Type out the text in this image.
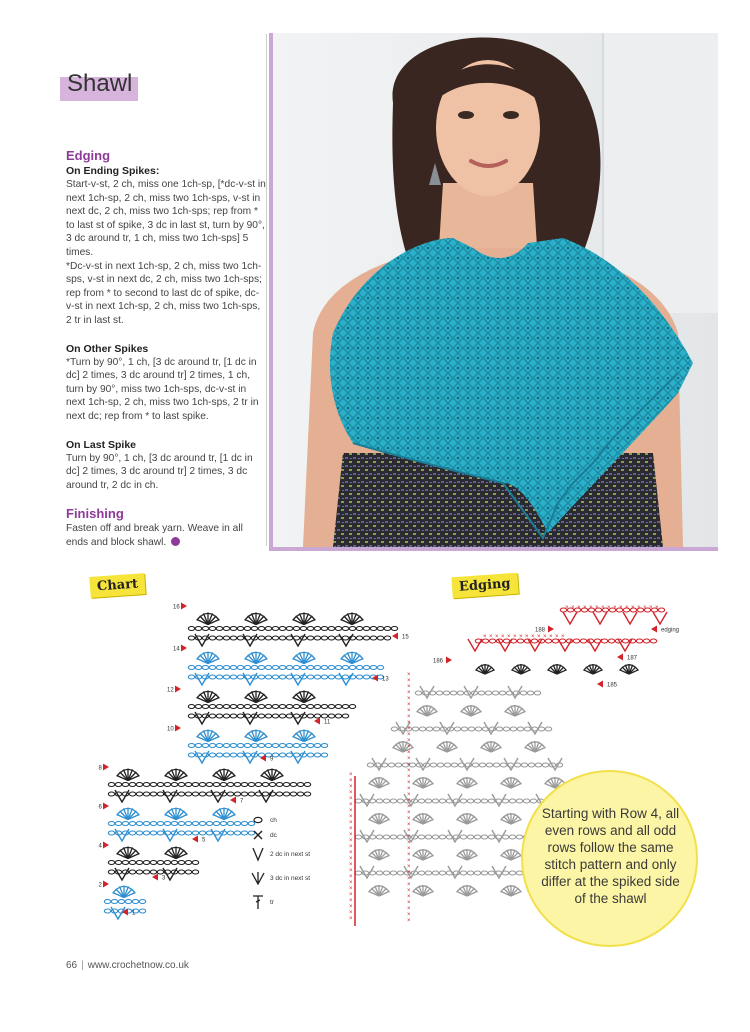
Shawl
Edging
On Ending Spikes:

Start-v-st, 2 ch, miss one 1ch-sp, [*dc-v-st in next 1ch-sp, 2 ch, miss two 1ch-sps, v-st in next dc, 2 ch, miss two 1ch-sps; rep from * to last st of spike, 3 dc in last st, turn by 90°, 3 dc around tr, 1 ch, miss two 1ch-sps] 5 times.

*Dc-v-st in next 1ch-sp, 2 ch, miss two 1ch-sps, v-st in next dc, 2 ch, miss two 1ch-sps; rep from * to second to last dc of spike, dc-v-st in next 1ch-sp, 2 ch, miss two 1ch-sps, 2 tr in last st.

On Other Spikes

*Turn by 90°, 1 ch, [3 dc around tr, [1 dc in dc] 2 times, 3 dc around tr] 2 times, 1 ch, turn by 90°, miss two 1ch-sps, dc-v-st in next 1ch-sp, 2 ch, miss two 1ch-sps, 2 tr in next dc; rep from * to last spike.

On Last Spike

Turn by 90°, 1 ch, [3 dc around tr, [1 dc in dc] 2 times, 3 dc around tr] 2 times, 3 dc around tr, 2 dc in ch.

Finishing

Fasten off and break yarn. Weave in all ends and block shawl.

Chart	Edging
16
14
12
10
8
6
4
2
15
13
11
9
7
5
3
1
×
×
×
×
×
×
×
×
×
×
×
×
×
×
×
×
×
×
×
×
×
×
×
×
×
×
×
×
×
×
×
×
×
×
×
×
×
×
×
×
×
×
×
×
×
×
×
×
×
×
×
×
×
×
×
×
×
×
×
×
×
×
×
×
×
×
×
× × × × × × × × × × × × × × × ×
× × × × × × × × × × × × × ×
188
186	187
185
edging
ch
dc
2 dc in next st
3 dc in next st
tr
Starting with Row 4, all even rows and all odd rows follow the same stitch pattern and only differ at the spiked side of the shawl
66 | www.crochetnow.co.uk
